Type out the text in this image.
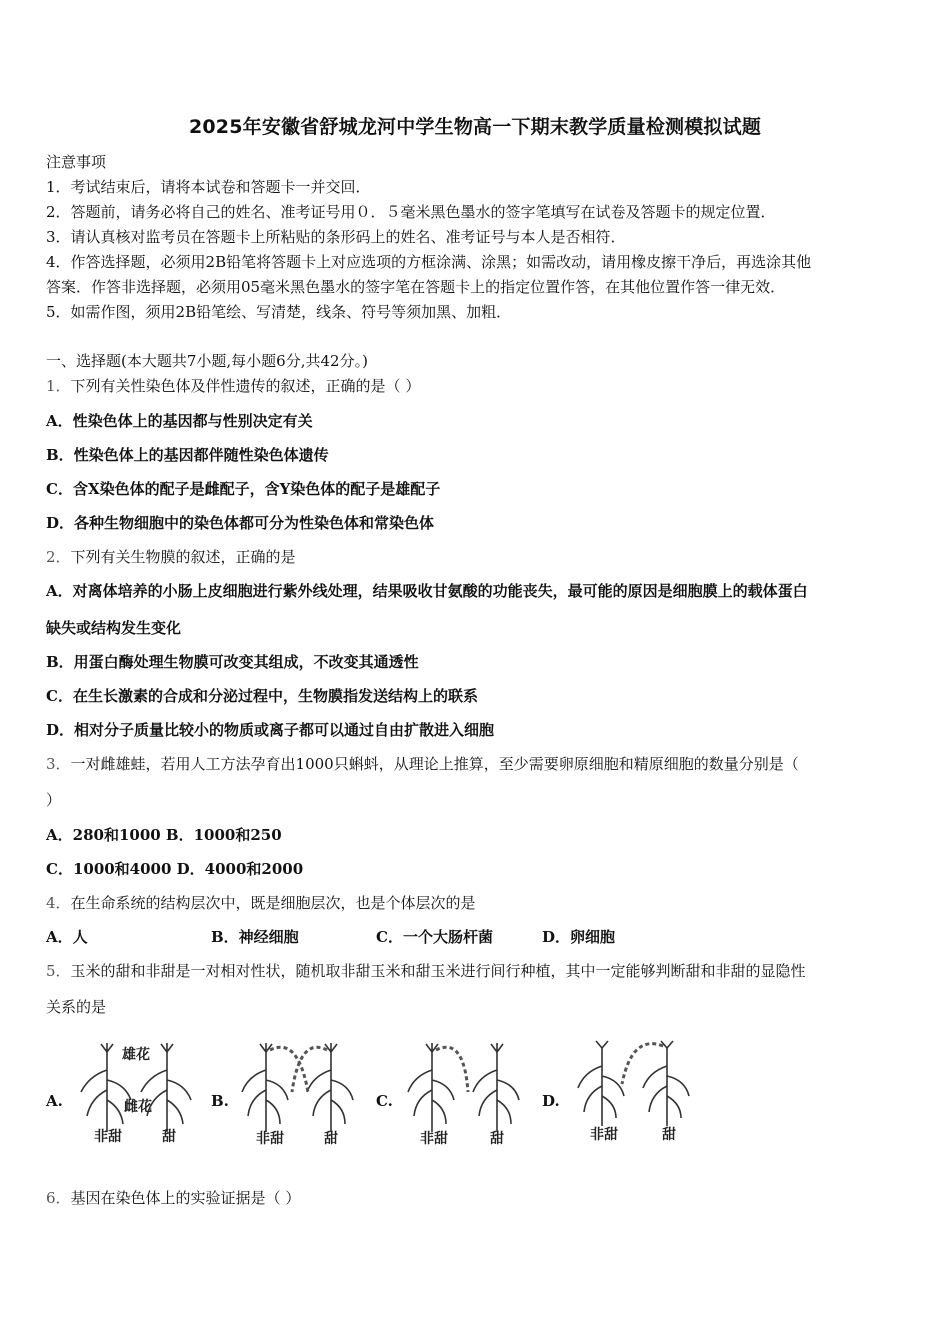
2025年安徽省舒城龙河中学生物高一下期末教学质量检测模拟试题
注意事项
1．考试结束后，请将本试卷和答题卡一并交回．
2．答题前，请务必将自己的姓名、准考证号用０．５毫米黑色墨水的签字笔填写在试卷及答题卡的规定位置．
3．请认真核对监考员在答题卡上所粘贴的条形码上的姓名、准考证号与本人是否相符．
4．作答选择题，必须用2B铅笔将答题卡上对应选项的方框涂满、涂黑；如需改动，请用橡皮擦干净后，再选涂其他
答案．作答非选择题，必须用05毫米黑色墨水的签字笔在答题卡上的指定位置作答，在其他位置作答一律无效．
5．如需作图，须用2B铅笔绘、写清楚，线条、符号等须加黑、加粗．
一、选择题(本大题共7小题,每小题6分,共42分。)
1．下列有关性染色体及伴性遗传的叙述，正确的是（ ）
A．性染色体上的基因都与性别决定有关
B．性染色体上的基因都伴随性染色体遗传
C．含X染色体的配子是雌配子，含Y染色体的配子是雄配子
D．各种生物细胞中的染色体都可分为性染色体和常染色体
2．下列有关生物膜的叙述，正确的是
A．对离体培养的小肠上皮细胞进行紫外线处理，结果吸收甘氨酸的功能丧失，最可能的原因是细胞膜上的载体蛋白
缺失或结构发生变化
B．用蛋白酶处理生物膜可改变其组成，不改变其通透性
C．在生长激素的合成和分泌过程中，生物膜指发送结构上的联系
D．相对分子质量比较小的物质或离子都可以通过自由扩散进入细胞
3．一对雌雄蛙，若用人工方法孕育出1000只蝌蚪，从理论上推算，至少需要卵原细胞和精原细胞的数量分别是（
）
A．280和1000 B．1000和250
C．1000和4000 D．4000和2000
4．在生命系统的结构层次中，既是细胞层次，也是个体层次的是
A．人	B．神经细胞	C．一个大肠杆菌	D．卵细胞
5．玉米的甜和非甜是一对相对性状，随机取非甜玉米和甜玉米进行间行种植，其中一定能够判断甜和非甜的显隐性
关系的是
A.
雄花
雌花
非甜	甜
B.
非甜	甜
C.
非甜	甜
D.
非甜	甜
6．基因在染色体上的实验证据是（ ）
